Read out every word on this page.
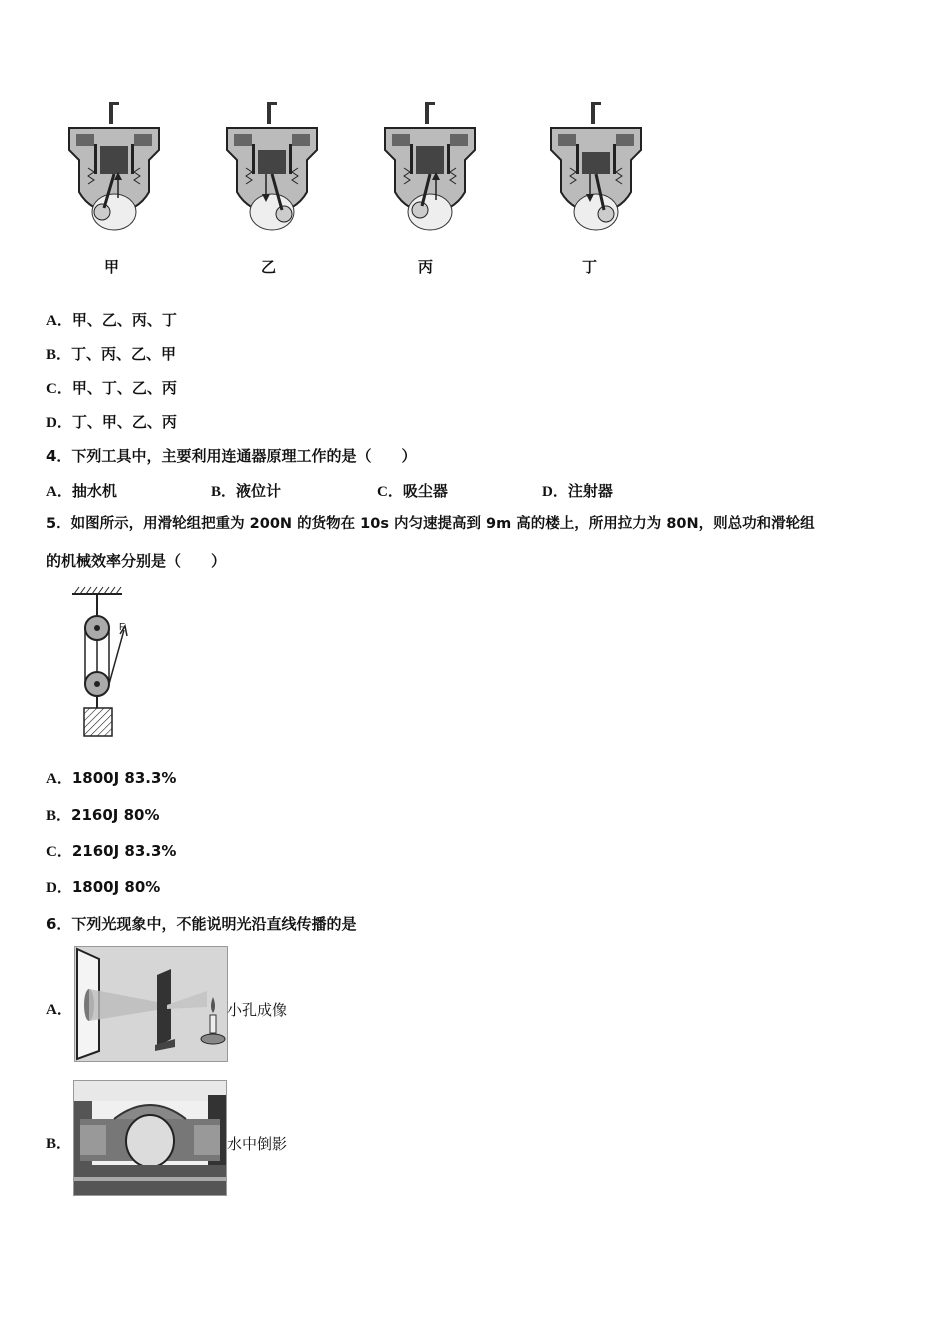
甲	乙	丙	丁
A．甲、乙、丙、丁
B．丁、丙、乙、甲
C．甲、丁、乙、丙
D．丁、甲、乙、丙
4．下列工具中，主要利用连通器原理工作的是（　　）
A．抽水机	B．液位计	C．吸尘器	D．注射器
5．如图所示，用滑轮组把重为 200N 的货物在 10s 内匀速提高到 9m 高的楼上，所用拉力为 80N，则总功和滑轮组
的机械效率分别是（　　）
F
A．1800J 83.3%
B．2160J 80%
C．2160J 83.3%
D．1800J 80%
6．下列光现象中，不能说明光沿直线传播的是
A．	小孔成像
B．	水中倒影
